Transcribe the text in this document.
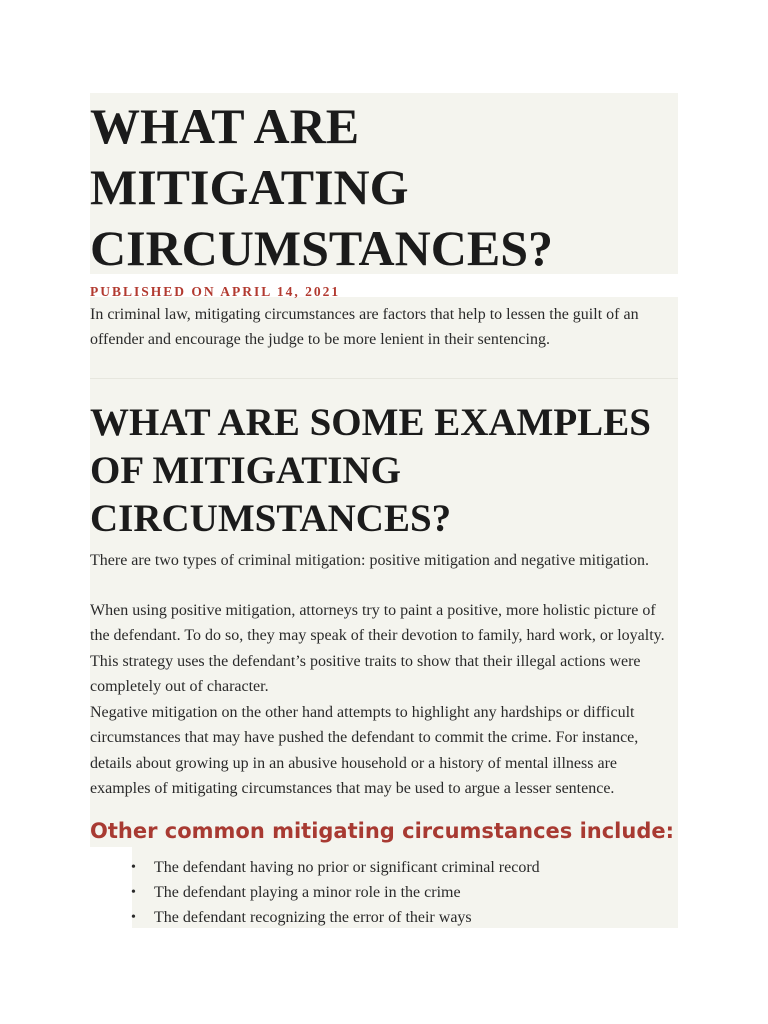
WHAT ARE MITIGATING CIRCUMSTANCES?
PUBLISHED ON APRIL 14, 2021

In criminal law, mitigating circumstances are factors that help to lessen the guilt of an offender and encourage the judge to be more lenient in their sentencing.

WHAT ARE SOME EXAMPLES OF MITIGATING CIRCUMSTANCES?

There are two types of criminal mitigation: positive mitigation and negative mitigation.

When using positive mitigation, attorneys try to paint a positive, more holistic picture of the defendant. To do so, they may speak of their devotion to family, hard work, or loyalty. This strategy uses the defendant’s positive traits to show that their illegal actions were completely out of character.

Negative mitigation on the other hand attempts to highlight any hardships or difficult circumstances that may have pushed the defendant to commit the crime. For instance, details about growing up in an abusive household or a history of mental illness are examples of mitigating circumstances that may be used to argue a lesser sentence.

Other common mitigating circumstances include:
• The defendant having no prior or significant criminal record
• The defendant playing a minor role in the crime
• The defendant recognizing the error of their ways
